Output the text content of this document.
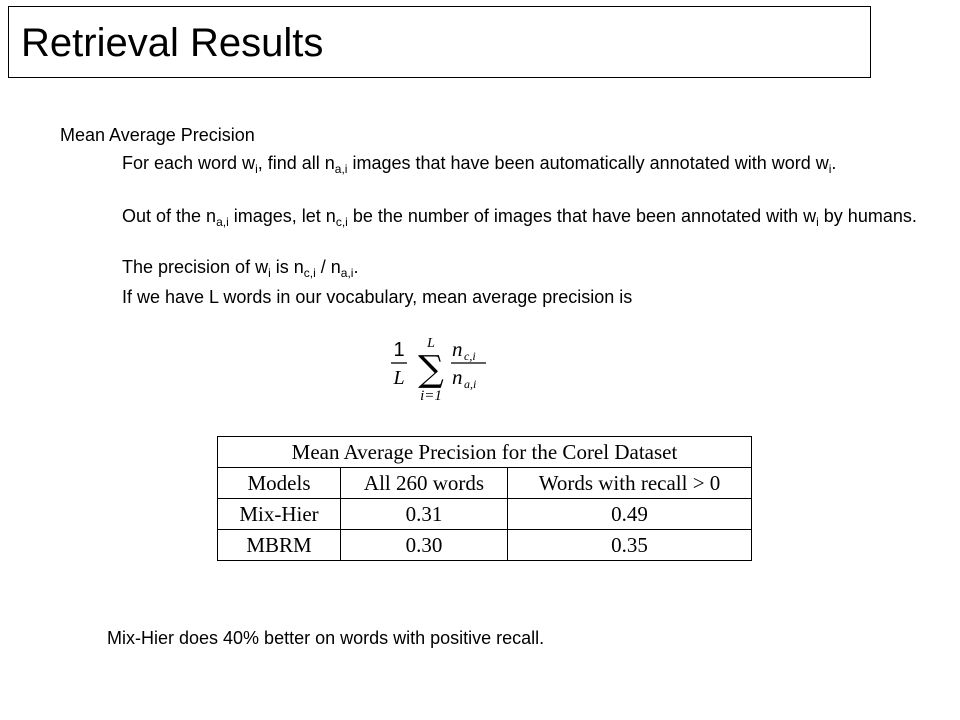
Retrieval Results
Mean Average Precision
For each word $w_i$, find all $n_{a,i}$ images that have been automatically annotated with word $w_i$.
Out of the $n_{a,i}$ images, let $n_{c,i}$ be the number of images that have been annotated with $w_i$ by humans.
The precision of $w_i$ is $n_{c,i} / n_{a,i}$.
If we have L words in our vocabulary, mean average precision is
1
L
L
∑
i=1
n c,i
n a,i
Mean Average Precision for the Corel Dataset		
Models	All 260 words	Words with recall > 0
Mix-Hier	0.31	0.49
MBRM	0.30	0.35
Mix-Hier does 40% better on words with positive recall.
